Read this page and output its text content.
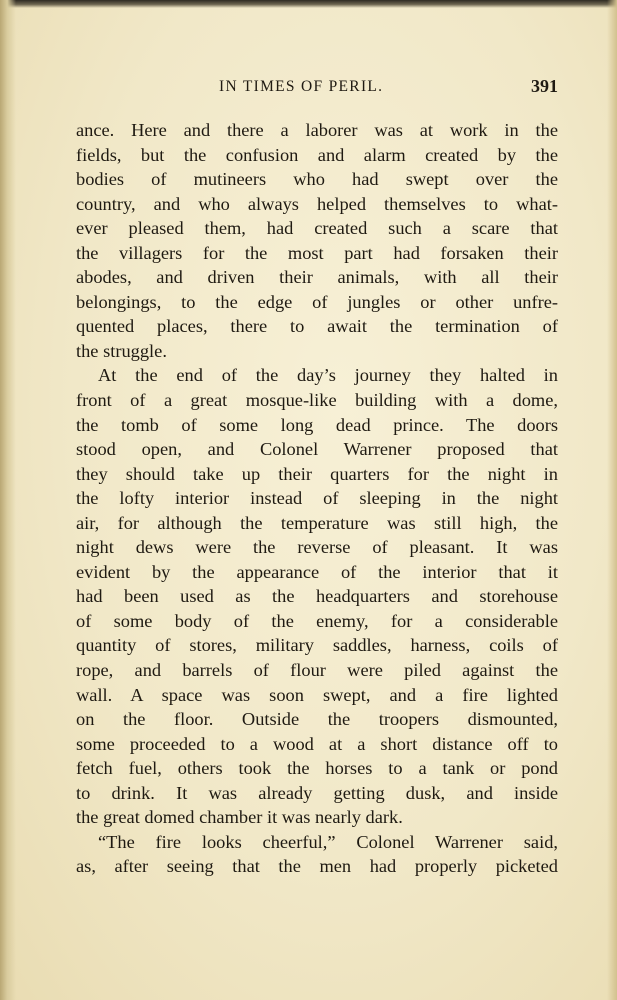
IN TIMES OF PERIL.	391
ance. Here and there a laborer was at work in the
fields, but the confusion and alarm created by the
bodies of mutineers who had swept over the
country, and who always helped themselves to what-
ever pleased them, had created such a scare that
the villagers for the most part had forsaken their
abodes, and driven their animals, with all their
belongings, to the edge of jungles or other unfre-
quented places, there to await the termination of
the struggle.
At the end of the day’s journey they halted in
front of a great mosque-like building with a dome,
the tomb of some long dead prince. The doors
stood open, and Colonel Warrener proposed that
they should take up their quarters for the night in
the lofty interior instead of sleeping in the night
air, for although the temperature was still high, the
night dews were the reverse of pleasant. It was
evident by the appearance of the interior that it
had been used as the headquarters and storehouse
of some body of the enemy, for a considerable
quantity of stores, military saddles, harness, coils of
rope, and barrels of flour were piled against the
wall. A space was soon swept, and a fire lighted
on the floor. Outside the troopers dismounted,
some proceeded to a wood at a short distance off to
fetch fuel, others took the horses to a tank or pond
to drink. It was already getting dusk, and inside
the great domed chamber it was nearly dark.
“The fire looks cheerful,” Colonel Warrener said,
as, after seeing that the men had properly picketed
